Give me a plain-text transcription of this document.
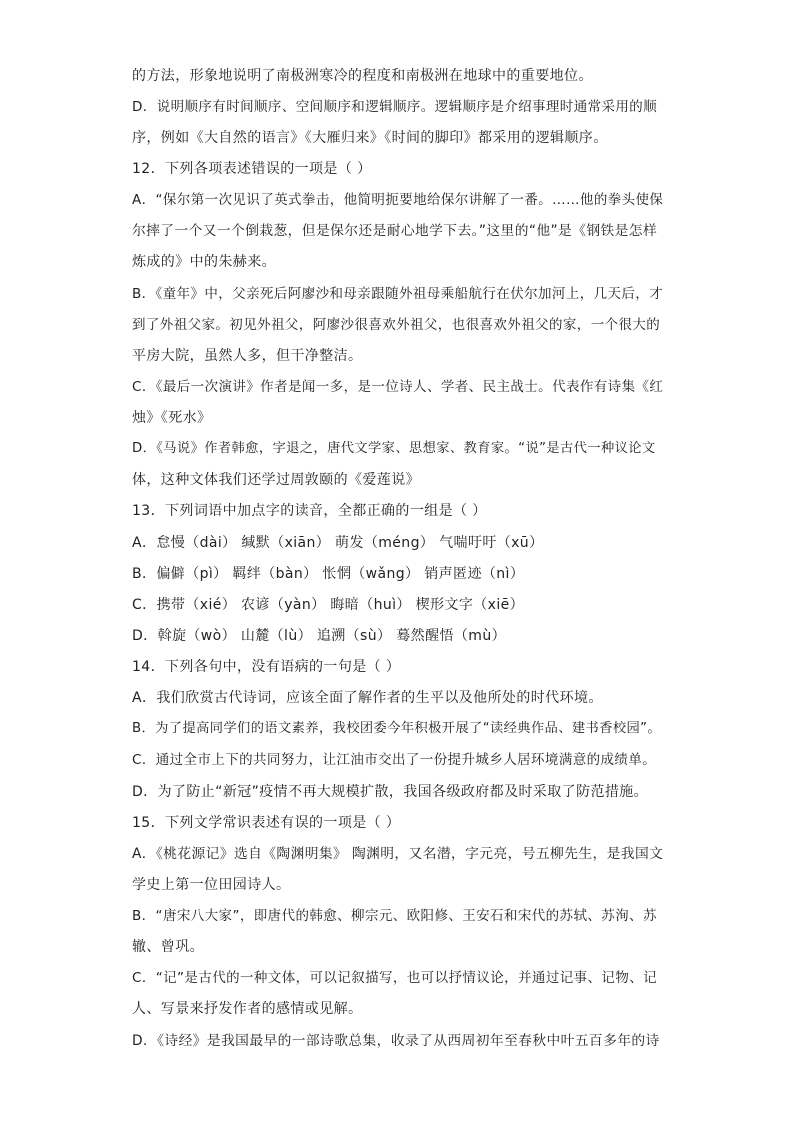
的方法，形象地说明了南极洲寒冷的程度和南极洲在地球中的重要地位。
D．说明顺序有时间顺序、空间顺序和逻辑顺序。逻辑顺序是介绍事理时通常采用的顺
序，例如《大自然的语言》《大雁归来》《时间的脚印》都采用的逻辑顺序。
12．下列各项表述错误的一项是（ ）
A．“保尔第一次见识了英式拳击，他简明扼要地给保尔讲解了一番。……他的拳头使保
尔摔了一个又一个倒栽葱，但是保尔还是耐心地学下去。”这里的“他”是《钢铁是怎样
炼成的》中的朱赫来。
B．《童年》中，父亲死后阿廖沙和母亲跟随外祖母乘船航行在伏尔加河上，几天后，才
到了外祖父家。初见外祖父，阿廖沙很喜欢外祖父，也很喜欢外祖父的家，一个很大的
平房大院，虽然人多，但干净整洁。
C．《最后一次演讲》作者是闻一多，是一位诗人、学者、民主战士。代表作有诗集《红
烛》《死水》
D．《马说》作者韩愈，字退之，唐代文学家、思想家、教育家。“说”是古代一种议论文
体，这种文体我们还学过周敦颐的《爱莲说》
13．下列词语中加点字的读音，全都正确的一组是（ ）
A．怠慢（dài） 缄默（xiān） 萌发（méng） 气喘吁吁（xū）
B．偏僻（pì） 羁绊（bàn） 怅惘（wǎng） 销声匿迹（nì）
C．携带（xié） 农谚（yàn） 晦暗（huì） 楔形文字（xiē）
D．斡旋（wò） 山麓（lù） 追溯（sù） 蓦然醒悟（mù）
14．下列各句中，没有语病的一句是（ ）
A．我们欣赏古代诗词，应该全面了解作者的生平以及他所处的时代环境。
B．为了提高同学们的语文素养，我校团委今年积极开展了“读经典作品、建书香校园”。
C．通过全市上下的共同努力，让江油市交出了一份提升城乡人居环境满意的成绩单。
D．为了防止“新冠”疫情不再大规模扩散，我国各级政府都及时采取了防范措施。
15．下列文学常识表述有误的一项是（ ）
A．《桃花源记》选自《陶渊明集》 陶渊明，又名潜，字元亮，号五柳先生，是我国文
学史上第一位田园诗人。
B．“唐宋八大家”，即唐代的韩愈、柳宗元、欧阳修、王安石和宋代的苏轼、苏洵、苏
辙、曾巩。
C．“记”是古代的一种文体，可以记叙描写，也可以抒情议论，并通过记事、记物、记
人、写景来抒发作者的感情或见解。
D．《诗经》是我国最早的一部诗歌总集，收录了从西周初年至春秋中叶五百多年的诗
